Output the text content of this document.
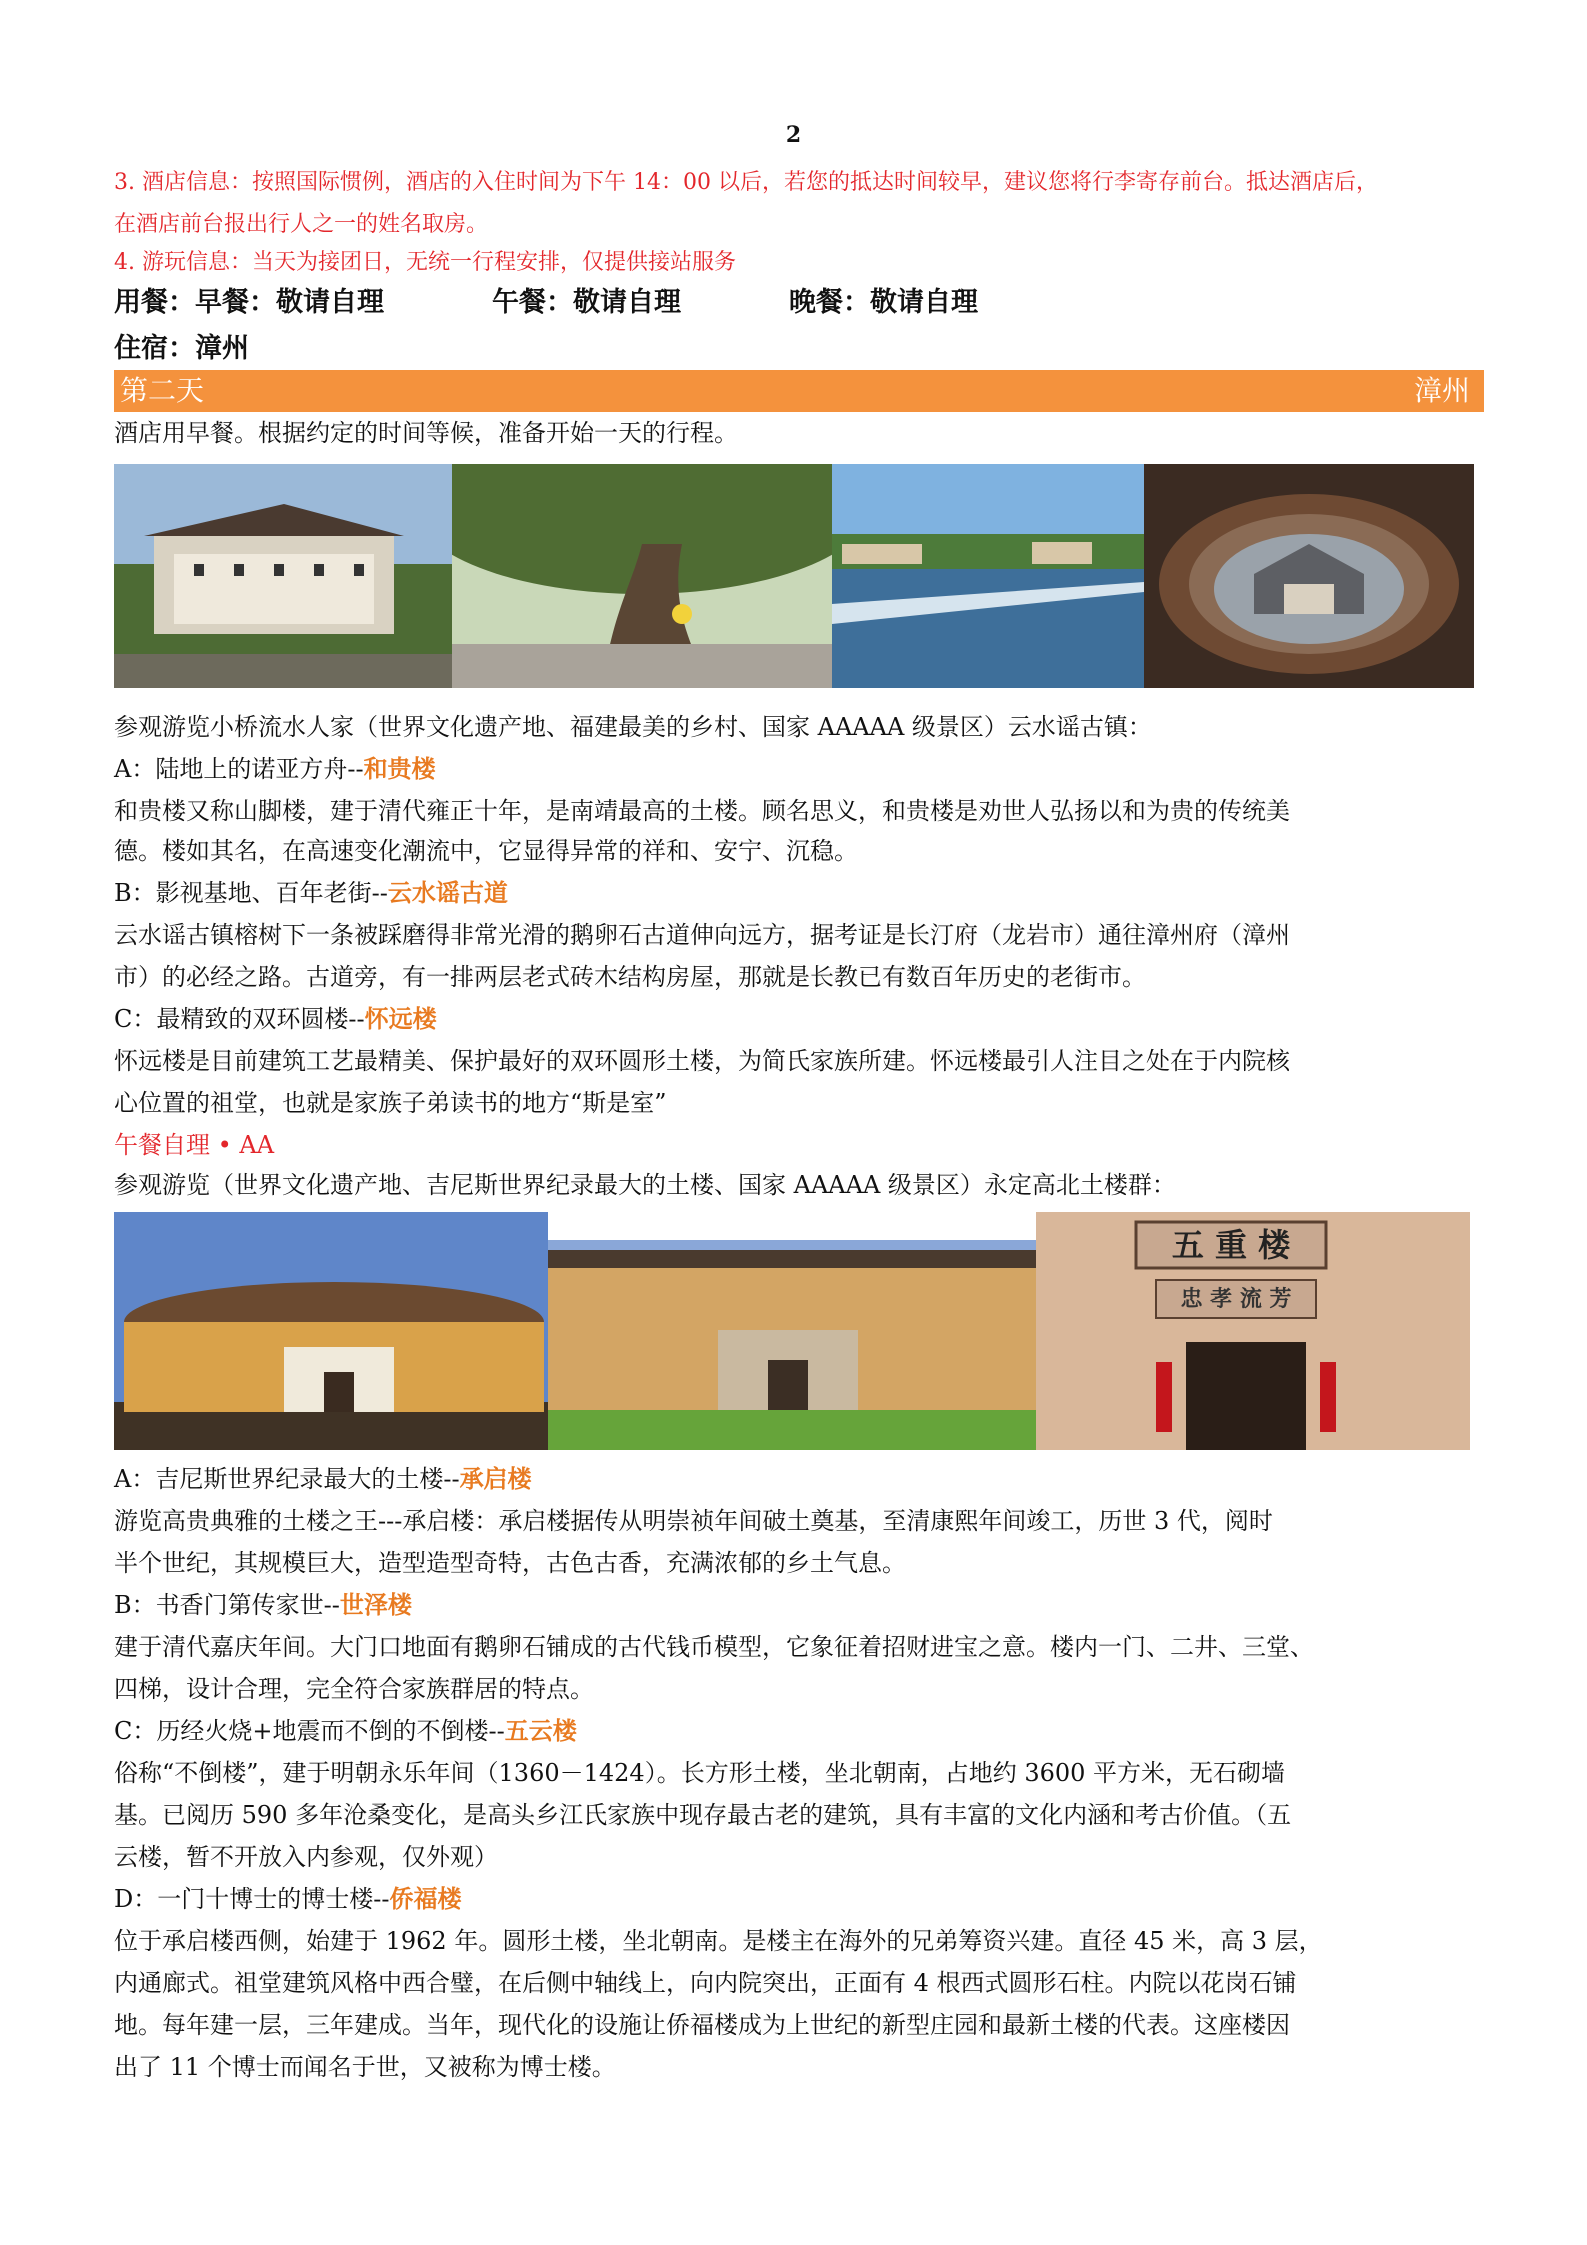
2
3. 酒店信息：按照国际惯例，酒店的入住时间为下午 14：00 以后，若您的抵达时间较早，建议您将行李寄存前台。抵达酒店后，
在酒店前台报出行人之一的姓名取房。
4. 游玩信息：当天为接团日，无统一行程安排，仅提供接站服务
用餐：早餐：敬请自理	午餐：敬请自理	晚餐：敬请自理
住宿：漳州
第二天	漳州
酒店用早餐。根据约定的时间等候，准备开始一天的行程。
参观游览小桥流水人家（世界文化遗产地、福建最美的乡村、国家 AAAAA 级景区）云水谣古镇：
A：陆地上的诺亚方舟--和贵楼
和贵楼又称山脚楼，建于清代雍正十年，是南靖最高的土楼。顾名思义，和贵楼是劝世人弘扬以和为贵的传统美
德。楼如其名，在高速变化潮流中，它显得异常的祥和、安宁、沉稳。
B：影视基地、百年老街--云水谣古道
云水谣古镇榕树下一条被踩磨得非常光滑的鹅卵石古道伸向远方，据考证是长汀府（龙岩市）通往漳州府（漳州
市）的必经之路。古道旁，有一排两层老式砖木结构房屋，那就是长教已有数百年历史的老街市。
C：最精致的双环圆楼--怀远楼
怀远楼是目前建筑工艺最精美、保护最好的双环圆形土楼，为简氏家族所建。怀远楼最引人注目之处在于内院核
心位置的祖堂，也就是家族子弟读书的地方“斯是室”
午餐自理 • AA
参观游览（世界文化遗产地、吉尼斯世界纪录最大的土楼、国家 AAAAA 级景区）永定高北土楼群：
五 重 楼
忠 孝 流 芳
A：吉尼斯世界纪录最大的土楼--承启楼
游览高贵典雅的土楼之王---承启楼：承启楼据传从明崇祯年间破土奠基，至清康熙年间竣工，历世 3 代，阅时
半个世纪，其规模巨大，造型造型奇特，古色古香，充满浓郁的乡土气息。
B：书香门第传家世--世泽楼
建于清代嘉庆年间。大门口地面有鹅卵石铺成的古代钱币模型，它象征着招财进宝之意。楼内一门、二井、三堂、
四梯，设计合理，完全符合家族群居的特点。
C：历经火烧+地震而不倒的不倒楼--五云楼
俗称“不倒楼”，建于明朝永乐年间（1360－1424）。长方形土楼，坐北朝南，占地约 3600 平方米，无石砌墙
基。已阅历 590 多年沧桑变化，是高头乡江氏家族中现存最古老的建筑，具有丰富的文化内涵和考古价值。（五
云楼，暂不开放入内参观，仅外观）
D：一门十博士的博士楼--侨福楼
位于承启楼西侧，始建于 1962 年。圆形土楼，坐北朝南。是楼主在海外的兄弟筹资兴建。直径 45 米，高 3 层，
内通廊式。祖堂建筑风格中西合璧，在后侧中轴线上，向内院突出，正面有 4 根西式圆形石柱。内院以花岗石铺
地。每年建一层，三年建成。当年，现代化的设施让侨福楼成为上世纪的新型庄园和最新土楼的代表。这座楼因
出了 11 个博士而闻名于世，又被称为博士楼。
